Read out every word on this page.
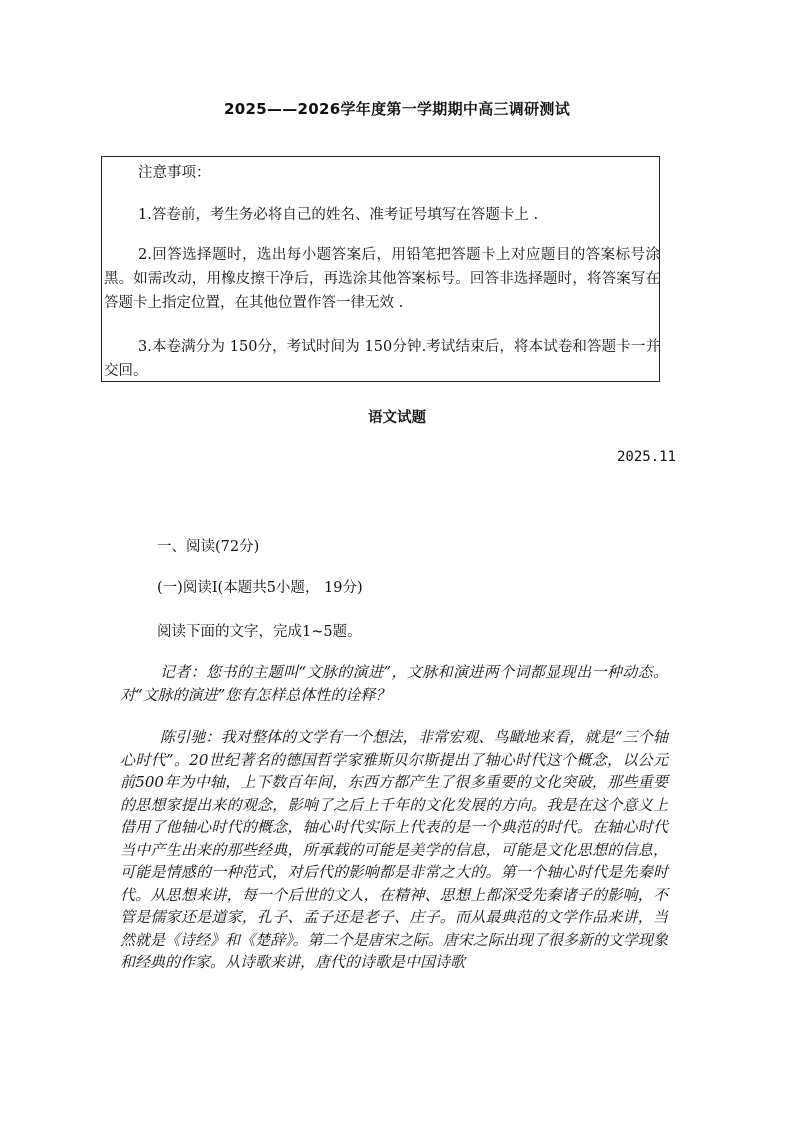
2025——2026学年度第一学期期中高三调研测试

注意事项：

1.答卷前，考生务必将自己的姓名、准考证号填写在答题卡上 .

2.回答选择题时，选出每小题答案后，用铅笔把答题卡上对应题目的答案标号涂黑。如需改动，用橡皮擦干净后，再选涂其他答案标号。回答非选择题时，将答案写在答题卡上指定位置，在其他位置作答一律无效 .

3.本卷满分为 150分，考试时间为 150分钟.考试结束后，将本试卷和答题卡一并交回。

语文试题
2025.11

一、阅读(72分)

(一)阅读Ⅰ(本题共5小题， 19分)

阅读下面的文字，完成1~5题。

记者：您书的主题叫“文脉的演进”，文脉和演进两个词都显现出一种动态。对“文脉的演进”您有怎样总体性的诠释？

陈引驰：我对整体的文学有一个想法，非常宏观、鸟瞰地来看，就是“三个轴心时代”。20世纪著名的德国哲学家雅斯贝尔斯提出了轴心时代这个概念，以公元前500年为中轴，上下数百年间，东西方都产生了很多重要的文化突破，那些重要的思想家提出来的观念，影响了之后上千年的文化发展的方向。我是在这个意义上借用了他轴心时代的概念，轴心时代实际上代表的是一个典范的时代。在轴心时代当中产生出来的那些经典，所承载的可能是美学的信息，可能是文化思想的信息，可能是情感的一种范式，对后代的影响都是非常之大的。第一个轴心时代是先秦时代。从思想来讲，每一个后世的文人，在精神、思想上都深受先秦诸子的影响，不管是儒家还是道家，孔子、孟子还是老子、庄子。而从最典范的文学作品来讲，当然就是《诗经》和《楚辞》。第二个是唐宋之际。唐宋之际出现了很多新的文学现象和经典的作家。从诗歌来讲，唐代的诗歌是中国诗歌
